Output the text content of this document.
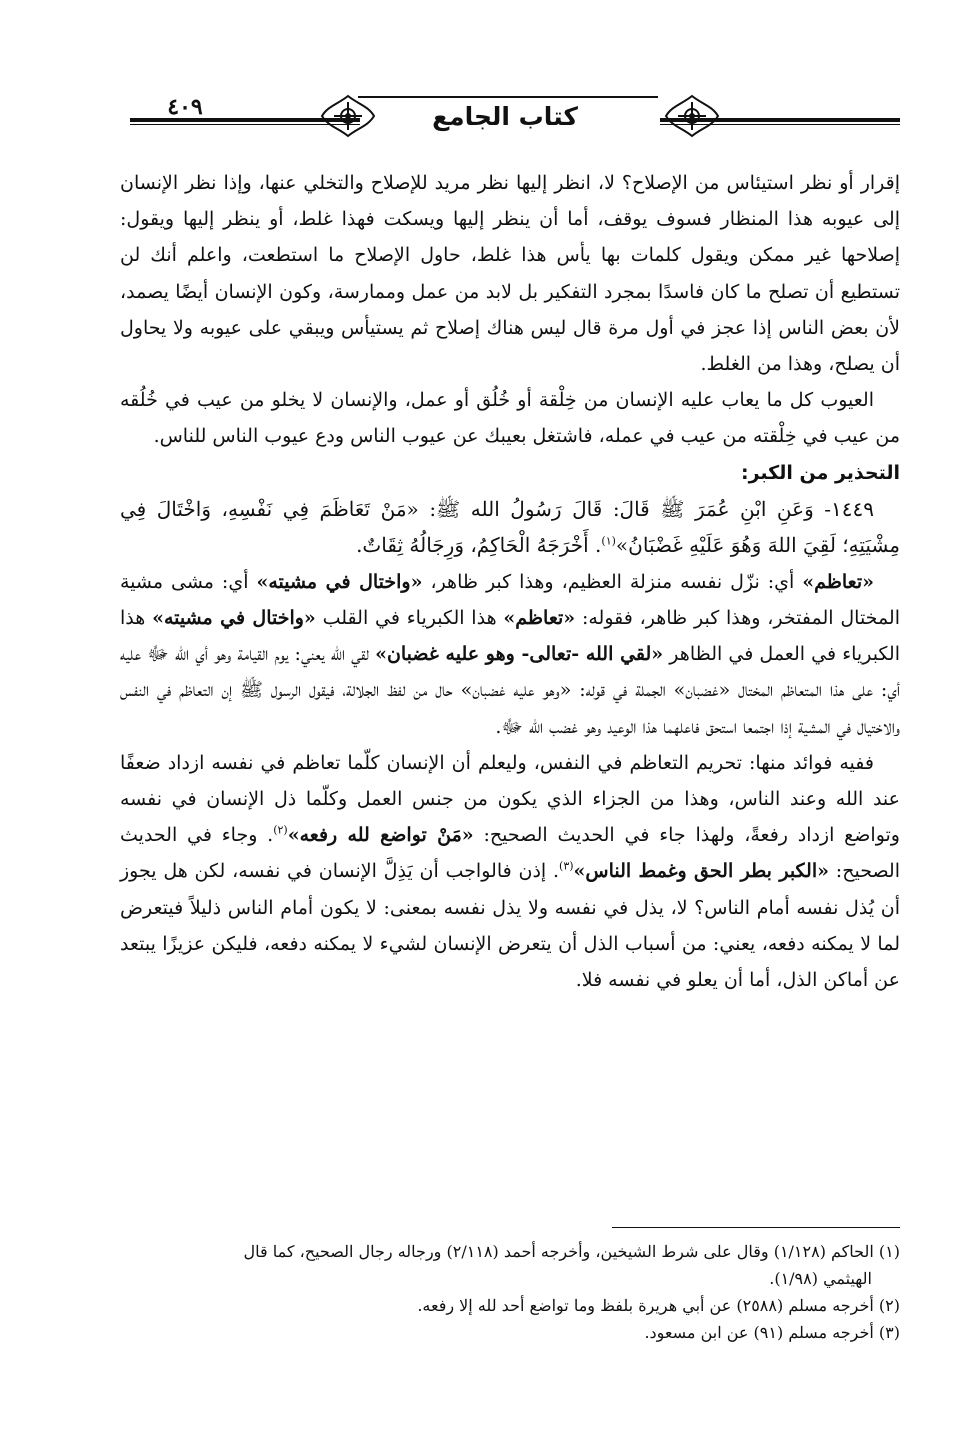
٤٠٩	كتاب الجامع

إقرار أو نظر استيئاس من الإصلاح؟ لا، انظر إليها نظر مريد للإصلاح والتخلي عنها، وإذا نظر الإنسان إلى عيوبه هذا المنظار فسوف يوقف، أما أن ينظر إليها ويسكت فهذا غلط، أو ينظر إليها ويقول: إصلاحها غير ممكن ويقول كلمات بها يأس هذا غلط، حاول الإصلاح ما استطعت، واعلم أنك لن تستطيع أن تصلح ما كان فاسدًا بمجرد التفكير بل لابد من عمل وممارسة، وكون الإنسان أيضًا يصمد، لأن بعض الناس إذا عجز في أول مرة قال ليس هناك إصلاح ثم يستيأس ويبقي على عيوبه ولا يحاول أن يصلح، وهذا من الغلط.

العيوب كل ما يعاب عليه الإنسان من خِلْقة أو خُلُق أو عمل، والإنسان لا يخلو من عيب في خُلُقه من عيب في خِلْقته من عيب في عمله، فاشتغل بعيبك عن عيوب الناس ودع عيوب الناس للناس.

التحذير من الكبر:

١٤٤٩- وَعَنِ ابْنِ عُمَرَ ﷺ قَالَ: قَالَ رَسُولُ الله ﷺ: «مَنْ تَعَاظَمَ فِي نَفْسِهِ، وَاخْتَالَ فِي مِشْيَتِهِ؛ لَقِيَ اللهَ وَهُوَ عَلَيْهِ غَضْبَانُ»$^{(١)}$. أَخْرَجَهُ الْحَاكِمُ، وَرِجَالُهُ ثِقَاتٌ.

«تعاظم» أي: نزّل نفسه منزلة العظيم، وهذا كبر ظاهر، «واختال في مشيته» أي: مشى مشية المختال المفتخر، وهذا كبر ظاهر، فقوله: «تعاظم» هذا الكبرياء في القلب «واختال في مشيته» هذا الكبرياء في العمل في الظاهر «لقي الله -تعالى- وهو عليه غضبان» لقي الله يعني: يوم القيامة وهو أي الله ﷻ عليه أي: على هذا المتعاظم المختال «غضبان» الجملة في قوله: «وهو عليه غضبان» حال من لفظ الجلالة، فيقول الرسول ﷺ إن التعاظم في النفس والاختيال في المشية إذا اجتمعا استحق فاعلهما هذا الوعيد وهو غضب الله ﷻ.

ففيه فوائد منها: تحريم التعاظم في النفس، وليعلم أن الإنسان كلّما تعاظم في نفسه ازداد ضعفًا عند الله وعند الناس، وهذا من الجزاء الذي يكون من جنس العمل وكلّما ذل الإنسان في نفسه وتواضع ازداد رفعةً، ولهذا جاء في الحديث الصحيح: «مَنْ تواضع لله رفعه»$^{(٢)}$. وجاء في الحديث الصحيح: «الكبر بطر الحق وغمط الناس»$^{(٣)}$. إذن فالواجب أن يَذِلَّ الإنسان في نفسه، لكن هل يجوز أن يُذل نفسه أمام الناس؟ لا، يذل في نفسه ولا يذل نفسه بمعنى: لا يكون أمام الناس ذليلاً فيتعرض لما لا يمكنه دفعه، يعني: من أسباب الذل أن يتعرض الإنسان لشيء لا يمكنه دفعه، فليكن عزيزًا يبتعد عن أماكن الذل، أما أن يعلو في نفسه فلا.

(١) الحاكم (١/١٢٨) وقال على شرط الشيخين، وأخرجه أحمد (٢/١١٨) ورجاله رجال الصحيح، كما قال

الهيثمي (١/٩٨).

(٢) أخرجه مسلم (٢٥٨٨) عن أبي هريرة بلفظ وما تواضع أحد لله إلا رفعه.

(٣) أخرجه مسلم (٩١) عن ابن مسعود.
